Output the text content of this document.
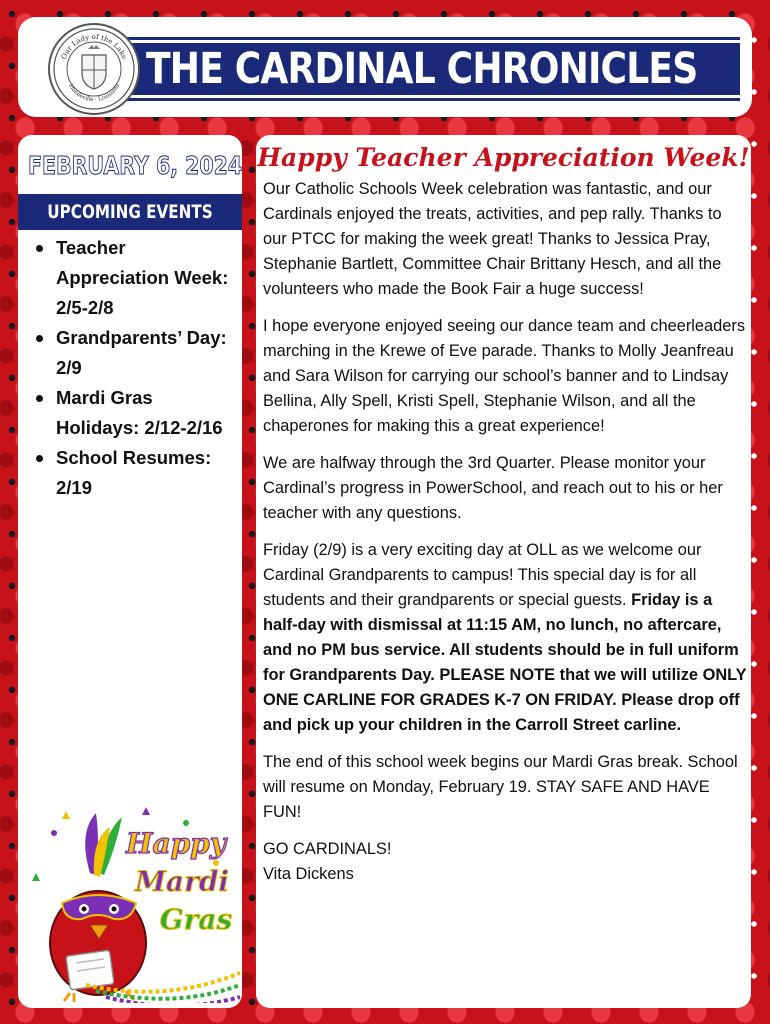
Our Lady of the Lake
Mandeville · Louisiana THE CARDINAL CHRONICLES
FEBRUARY 6, 2024
UPCOMING EVENTS
Teacher Appreciation Week: 2/5-2/8
Grandparents’ Day: 2/9
Mardi Gras Holidays: 2/12-2/16
School Resumes: 2/19
Happy
Mardi
Gras
Happy Teacher Appreciation Week!

Our Catholic Schools Week celebration was fantastic, and our Cardinals enjoyed the treats, activities, and pep rally. Thanks to our PTCC for making the week great! Thanks to Jessica Pray, Stephanie Bartlett, Committee Chair Brittany Hesch, and all the volunteers who made the Book Fair a huge success!

I hope everyone enjoyed seeing our dance team and cheerleaders marching in the Krewe of Eve parade. Thanks to Molly Jeanfreau and Sara Wilson for carrying our school’s banner and to Lindsay Bellina, Ally Spell, Kristi Spell, Stephanie Wilson, and all the chaperones for making this a great experience!

We are halfway through the 3rd Quarter. Please monitor your Cardinal’s progress in PowerSchool, and reach out to his or her teacher with any questions.

Friday (2/9) is a very exciting day at OLL as we welcome our Cardinal Grandparents to campus! This special day is for all students and their grandparents or special guests. Friday is a half-day with dismissal at 11:15 AM, no lunch, no aftercare, and no PM bus service. All students should be in full uniform for Grandparents Day. PLEASE NOTE that we will utilize ONLY ONE CARLINE FOR GRADES K-7 ON FRIDAY. Please drop off and pick up your children in the Carroll Street carline.

The end of this school week begins our Mardi Gras break. School will resume on Monday, February 19. STAY SAFE AND HAVE FUN!

GO CARDINALS!
Vita Dickens
